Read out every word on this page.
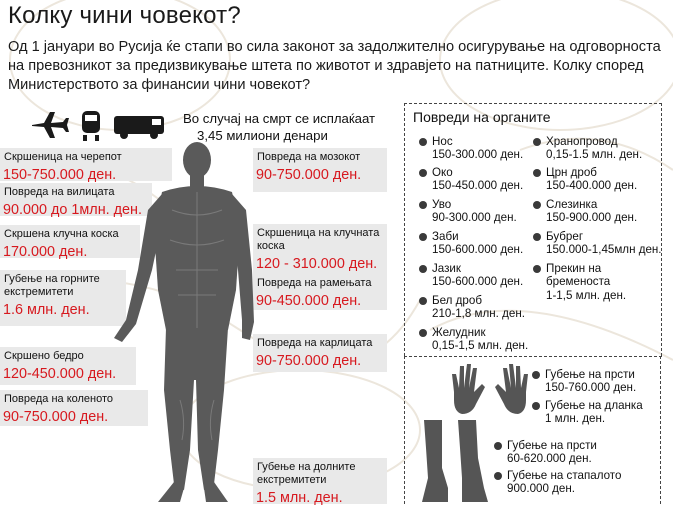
Колку чини човекот?
Од 1 јануари во Русија ќе стапи во сила законот за задолжително осигурување на одговорноста на превозникот за предизвикување штета по животот и здравјето на патниците. Колку според Министерството за финансии чини човекот?
Во случај на смрт се исплаќаат
3,45 милиони денари
Скршеница на черепот
150-750.000 ден.
Повреда на вилицата
90.000 до 1млн. ден.
Скршена клучна коска
170.000 ден.
Губење на горните екстремитети
1.6 млн. ден.
Скршено бедро
120-450.000 ден.
Повреда на коленото
90-750.000 ден.
Повреда на мозокот
90-750.000 ден.
Скршеница на клучната коска
120 - 310.000 ден.
Повреда на рамењата
90-450.000 ден.
Повреда на карлицата
90-750.000 ден.
Губење на долните екстремитети
1.5 млн. ден.
Повреди на органите
Нос
150-300.000 ден.
Око
150-450.000 ден.
Уво
90-300.000 ден.
Заби
150-600.000 ден.
Јазик
150-600.000 ден.
Бел дроб
210-1,8 млн. ден.
Желудник
0,15-1,5 млн. ден.
Хранопровод
0,15-1.5 млн. ден.
Црн дроб
150-400.000 ден.
Слезинка
150-900.000 ден.
Бубрег
150.000-1,45млн ден.
Прекин на бременоста
1-1,5 млн. ден.
Губење на прсти
150-760.000 ден.
Губење на дланка
1 млн. ден.
Губење на прсти
60-620.000 ден.
Губење на стапалото
900.000 ден.
